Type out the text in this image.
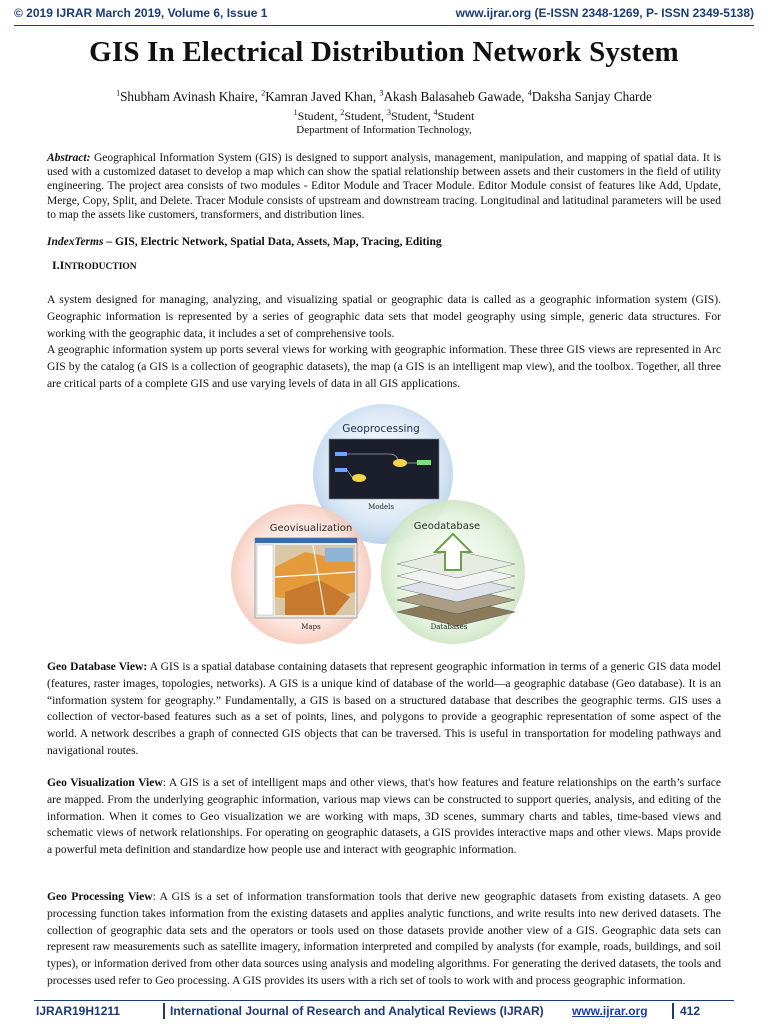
© 2019 IJRAR March 2019, Volume 6, Issue 1	www.ijrar.org (E-ISSN 2348-1269, P- ISSN 2349-5138)
GIS In Electrical Distribution Network System
$^1$Shubham Avinash Khaire, $^2$Kamran Javed Khan, $^3$Akash Balasaheb Gawade, $^4$Daksha Sanjay Charde
$^1$Student, $^2$Student, $^3$Student, $^4$Student
Department of Information Technology,
Abstract: Geographical Information System (GIS) is designed to support analysis, management, manipulation, and mapping of spatial data. It is used with a customized dataset to develop a map which can show the spatial relationship between assets and their customers in the field of utility engineering. The project area consists of two modules - Editor Module and Tracer Module. Editor Module consist of features like Add, Update, Merge, Copy, Split, and Delete. Tracer Module consists of upstream and downstream tracing. Longitudinal and latitudinal parameters will be used to map the assets like customers, transformers, and distribution lines.
IndexTerms – GIS, Electric Network, Spatial Data, Assets, Map, Tracing, Editing
I.INTRODUCTION

A system designed for managing, analyzing, and visualizing spatial or geographic data is called as a geographic information system (GIS). Geographic information is represented by a series of geographic data sets that model geography using simple, generic data structures. For working with the geographic data, it includes a set of comprehensive tools.

A geographic information system up ports several views for working with geographic information. These three GIS views are represented in Arc GIS by the catalog (a GIS is a collection of geographic datasets), the map (a GIS is an intelligent map view), and the toolbox. Together, all three are critical parts of a complete GIS and use varying levels of data in all GIS applications.

Geoprocessing
Models
Geovisualization
Maps
Geodatabase
Databases
Geo Database View: A GIS is a spatial database containing datasets that represent geographic information in terms of a generic GIS data model (features, raster images, topologies, networks). A GIS is a unique kind of database of the world—a geographic database (Geo database). It is an “information system for geography.” Fundamentally, a GIS is based on a structured database that describes the geographic terms. GIS uses a collection of vector-based features such as a set of points, lines, and polygons to provide a geographic representation of some aspect of the world. A network describes a graph of connected GIS objects that can be traversed. This is useful in transportation for modeling pathways and navigational routes.
Geo Visualization View: A GIS is a set of intelligent maps and other views, that's how features and feature relationships on the earth’s surface are mapped. From the underlying geographic information, various map views can be constructed to support queries, analysis, and editing of the information. When it comes to Geo visualization we are working with maps, 3D scenes, summary charts and tables, time-based views and schematic views of network relationships. For operating on geographic datasets, a GIS provides interactive maps and other views. Maps provide a powerful meta definition and standardize how people use and interact with geographic information.
Geo Processing View: A GIS is a set of information transformation tools that derive new geographic datasets from existing datasets. A geo processing function takes information from the existing datasets and applies analytic functions, and write results into new derived datasets. The collection of geographic data sets and the operators or tools used on those datasets provide another view of a GIS. Geographic data sets can represent raw measurements such as satellite imagery, information interpreted and compiled by analysts (for example, roads, buildings, and soil types), or information derived from other data sources using analysis and modeling algorithms. For generating the derived datasets, the tools and processes used refer to Geo processing. A GIS provides its users with a rich set of tools to work with and process geographic information.
IJRAR19H1211	International Journal of Research and Analytical Reviews (IJRAR) www.ijrar.org	412
